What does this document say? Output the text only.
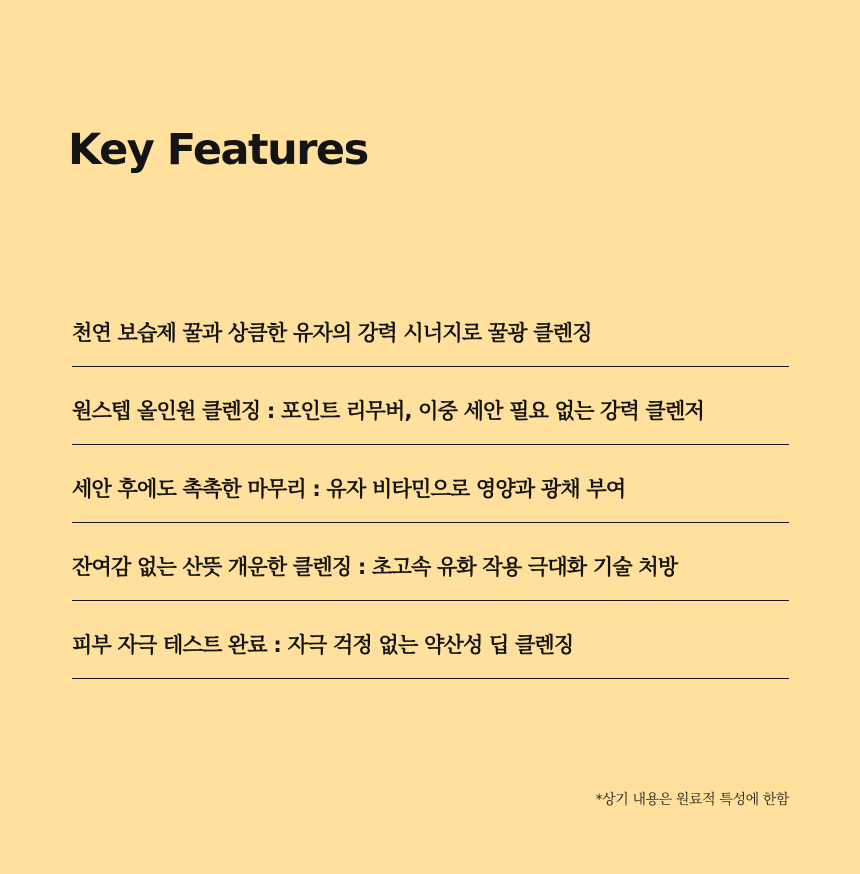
Key Features
천연 보습제 꿀과 상큼한 유자의 강력 시너지로 꿀광 클렌징
원스텝 올인원 클렌징 : 포인트 리무버, 이중 세안 필요 없는 강력 클렌저
세안 후에도 촉촉한 마무리 : 유자 비타민으로 영양과 광채 부여
잔여감 없는 산뜻 개운한 클렌징 : 초고속 유화 작용 극대화 기술 처방
피부 자극 테스트 완료 : 자극 걱정 없는 약산성 딥 클렌징
*상기 내용은 원료적 특성에 한함
